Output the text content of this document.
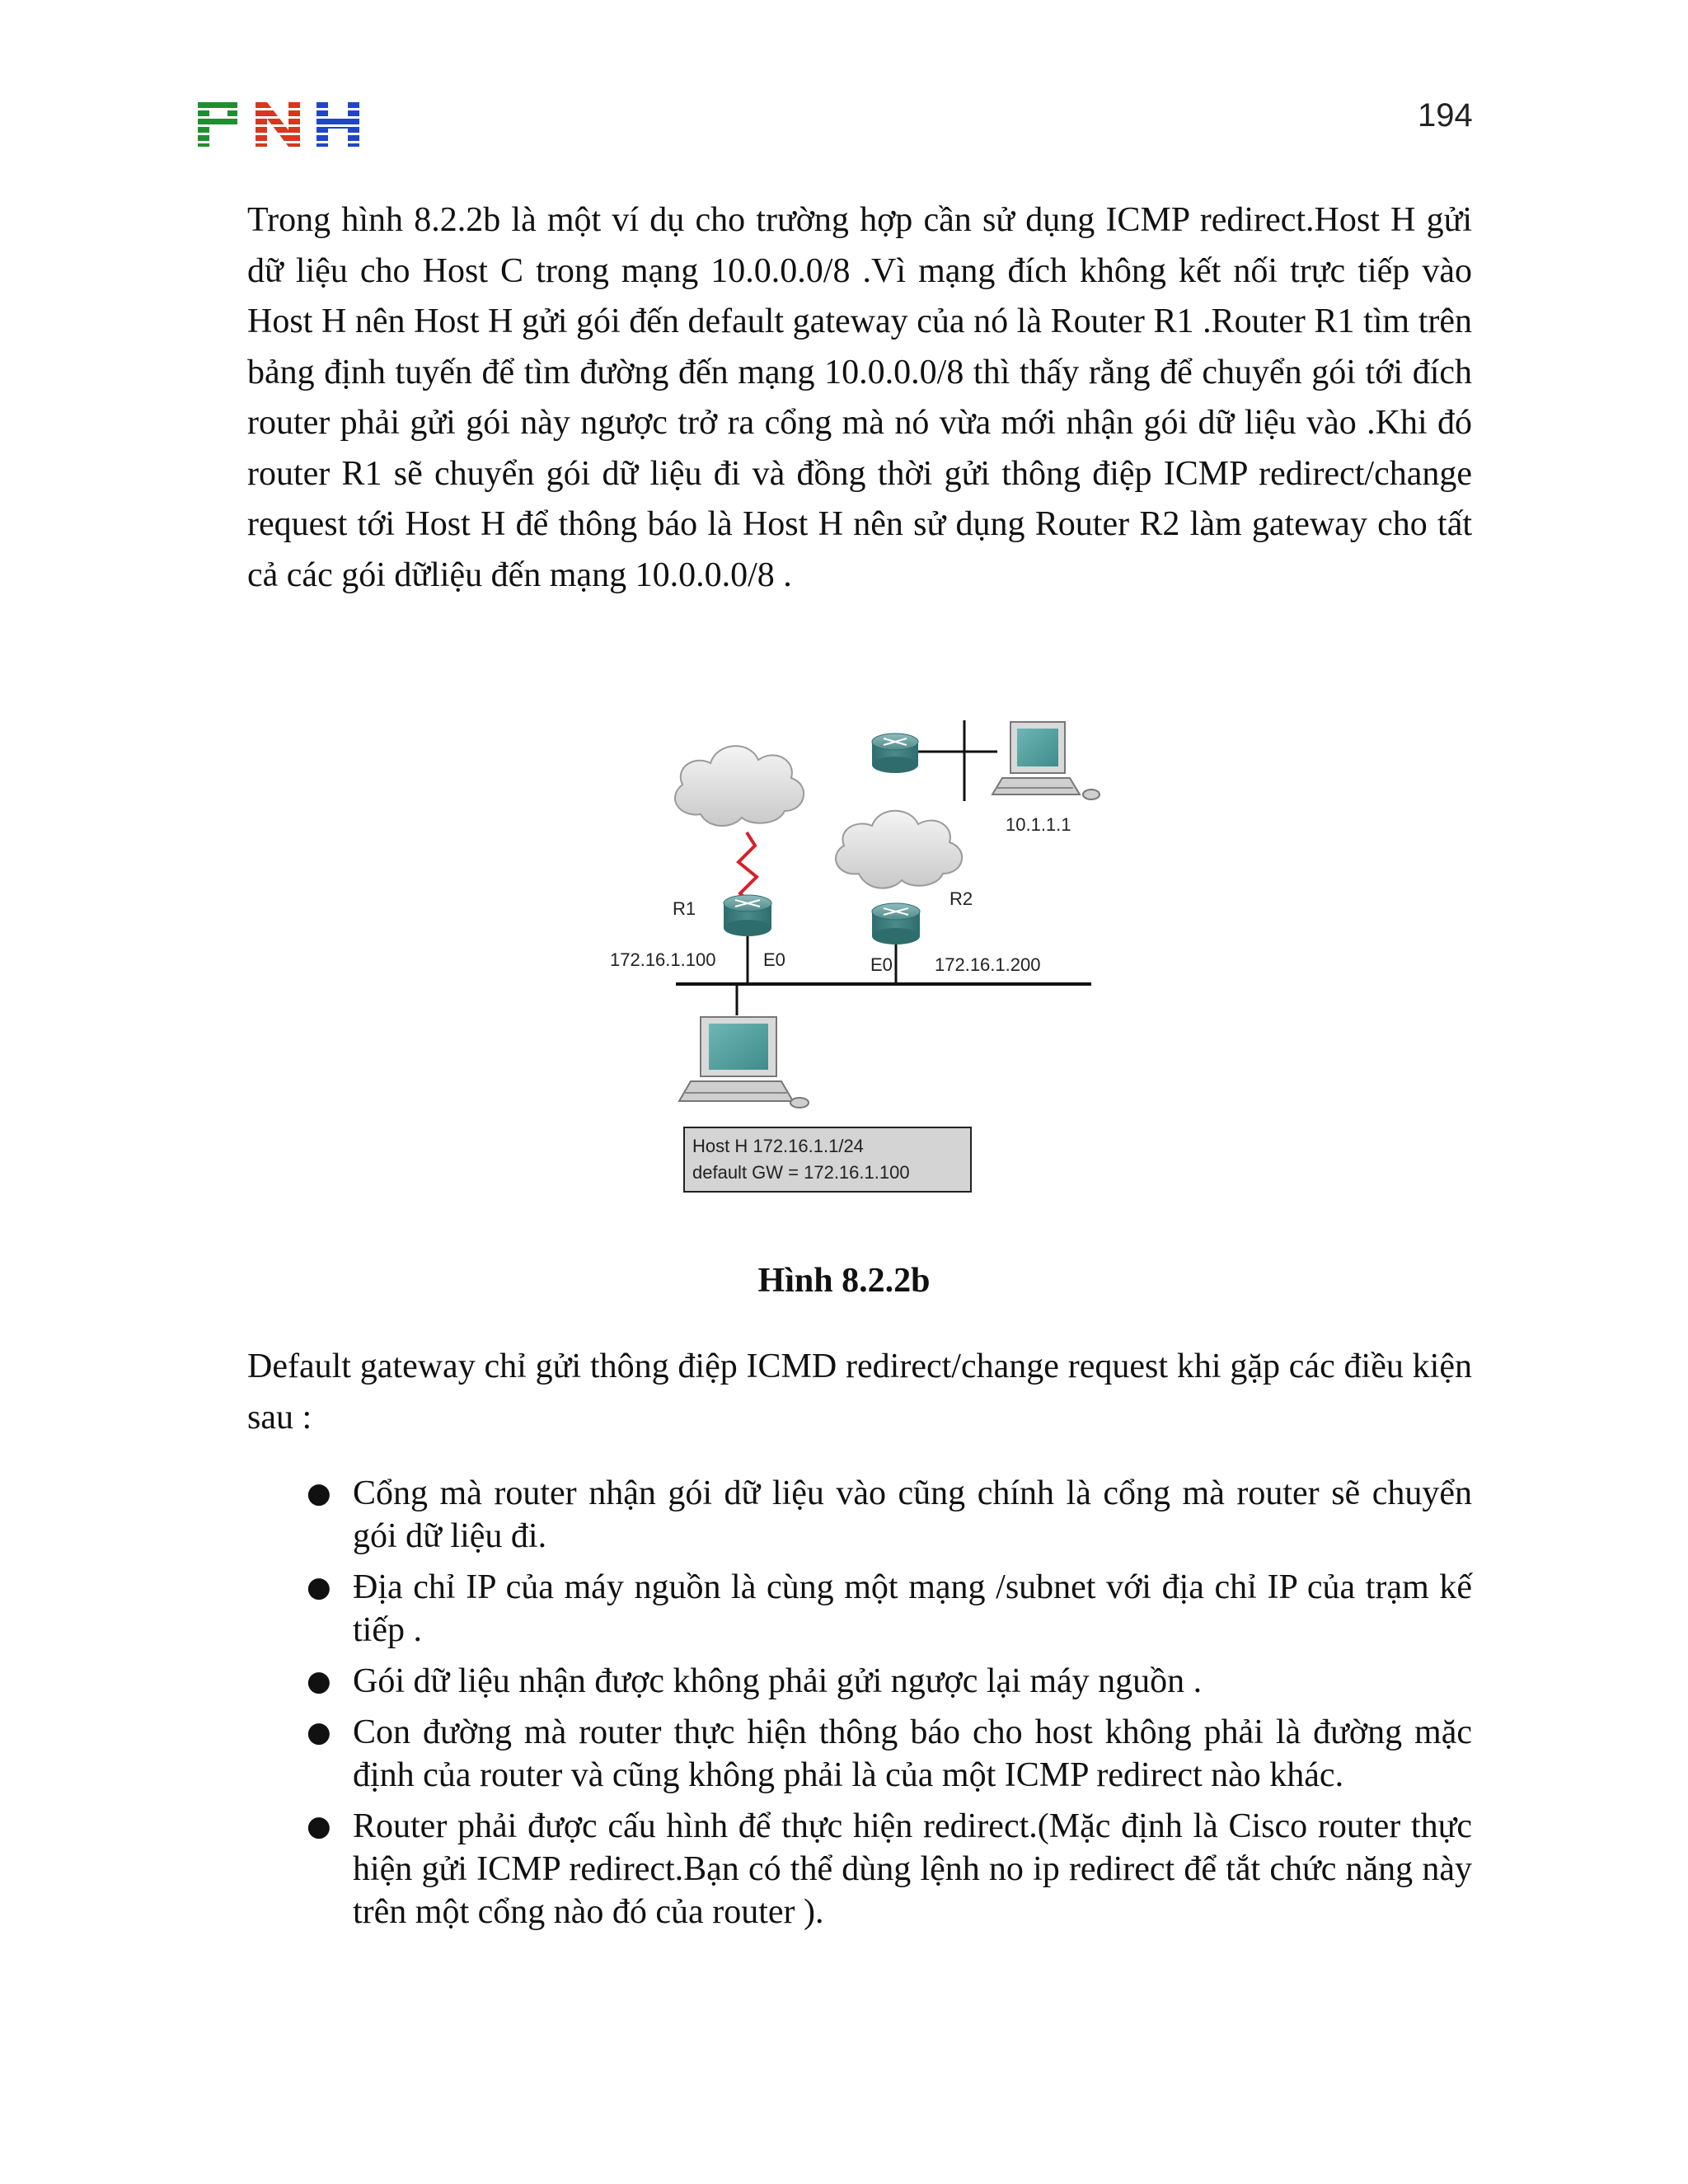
194

Trong hình 8.2.2b là một ví dụ cho trường hợp cần sử dụng ICMP redirect.Host H gửi dữ liệu cho Host C trong mạng 10.0.0.0/8 .Vì mạng đích không kết nối trực tiếp vào Host H nên Host H gửi gói đến default gateway của nó là Router R1 .Router R1 tìm trên bảng định tuyến để tìm đường đến mạng 10.0.0.0/8 thì thấy rằng để chuyển gói tới đích router phải gửi gói này ngược trở ra cổng mà nó vừa mới nhận gói dữ liệu vào .Khi đó router R1 sẽ chuyển gói dữ liệu đi và đồng thời gửi thông điệp ICMP redirect/change request tới Host H để thông báo là Host H nên sử dụng Router R2 làm gateway cho tất cả các gói dữliệu đến mạng 10.0.0.0/8 .

10.1.1.1
R1	R2
172.16.1.100	E0	E0 172.16.1.200
Host H 172.16.1.1/24
default GW = 172.16.1.100
Hình 8.2.2b

Default gateway chỉ gửi thông điệp ICMD redirect/change request khi gặp các điều kiện sau :

● Cổng mà router nhận gói dữ liệu vào cũng chính là cổng mà router sẽ chuyển gói dữ liệu đi.
● Địa chỉ IP của máy nguồn là cùng một mạng /subnet với địa chỉ IP của trạm kế tiếp .
● Gói dữ liệu nhận được không phải gửi ngược lại máy nguồn .
● Con đường mà router thực hiện thông báo cho host không phải là đường mặc định của router và cũng không phải là của một ICMP redirect nào khác.
● Router phải được cấu hình để thực hiện redirect.(Mặc định là Cisco router thực hiện gửi ICMP redirect.Bạn có thể dùng lệnh no ip redirect để tắt chức năng này trên một cổng nào đó của router ).
